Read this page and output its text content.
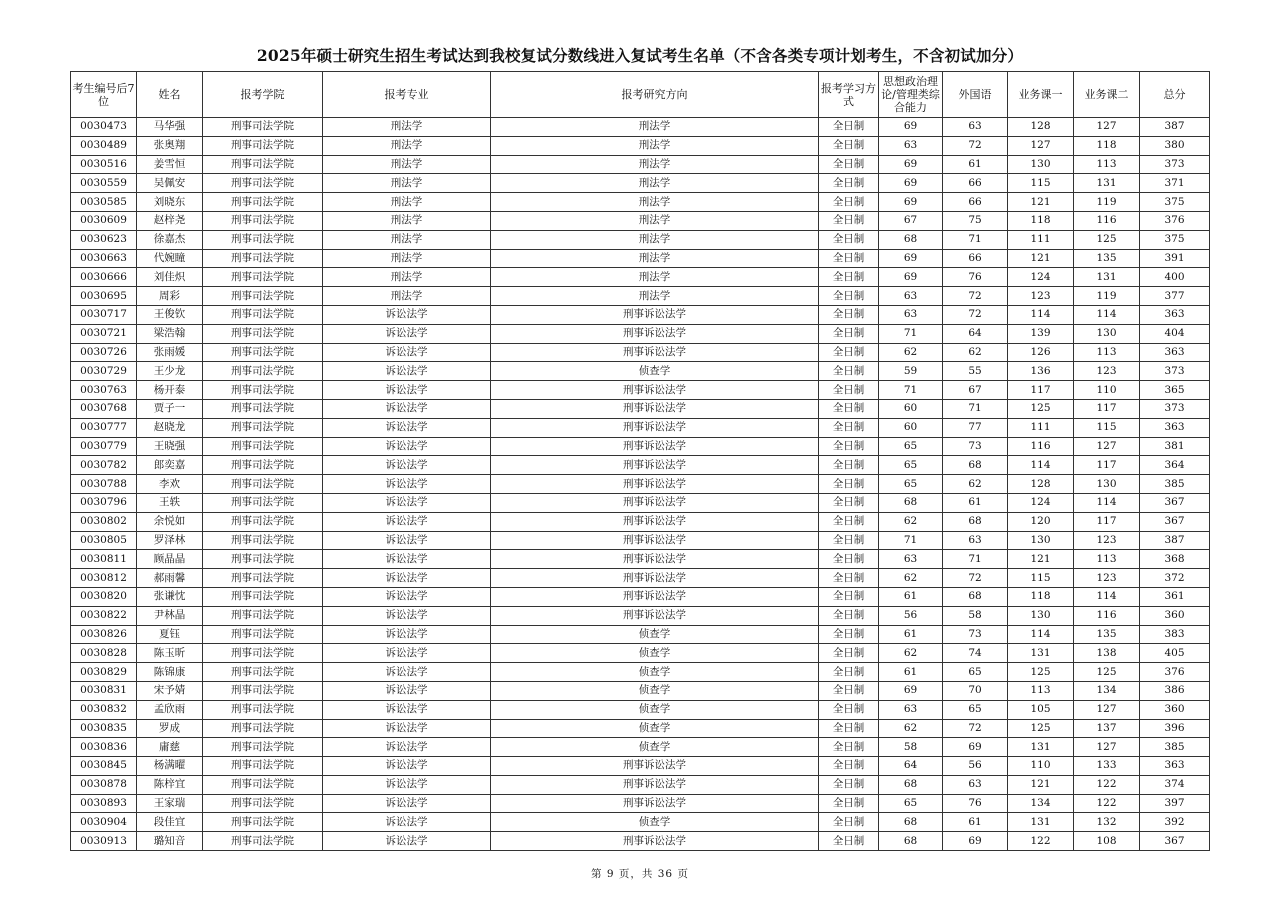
2025年硕士研究生招生考试达到我校复试分数线进入复试考生名单（不含各类专项计划考生，不含初试加分）
考生编号后7位	姓名	报考学院	报考专业	报考研究方向	报考学习方式	思想政治理论/管理类综合能力	外国语	业务课一	业务课二	总分
0030473	马华强	刑事司法学院	刑法学	刑法学	全日制	69	63	128	127	387
0030489	张奥翔	刑事司法学院	刑法学	刑法学	全日制	63	72	127	118	380
0030516	姜雪恒	刑事司法学院	刑法学	刑法学	全日制	69	61	130	113	373
0030559	吴佩安	刑事司法学院	刑法学	刑法学	全日制	69	66	115	131	371
0030585	刘晓东	刑事司法学院	刑法学	刑法学	全日制	69	66	121	119	375
0030609	赵梓尧	刑事司法学院	刑法学	刑法学	全日制	67	75	118	116	376
0030623	徐嘉杰	刑事司法学院	刑法学	刑法学	全日制	68	71	111	125	375
0030663	代婉瞳	刑事司法学院	刑法学	刑法学	全日制	69	66	121	135	391
0030666	刘佳炽	刑事司法学院	刑法学	刑法学	全日制	69	76	124	131	400
0030695	周彩	刑事司法学院	刑法学	刑法学	全日制	63	72	123	119	377
0030717	王俊钦	刑事司法学院	诉讼法学	刑事诉讼法学	全日制	63	72	114	114	363
0030721	梁浩翰	刑事司法学院	诉讼法学	刑事诉讼法学	全日制	71	64	139	130	404
0030726	张雨媛	刑事司法学院	诉讼法学	刑事诉讼法学	全日制	62	62	126	113	363
0030729	王少龙	刑事司法学院	诉讼法学	侦查学	全日制	59	55	136	123	373
0030763	杨开泰	刑事司法学院	诉讼法学	刑事诉讼法学	全日制	71	67	117	110	365
0030768	贾子一	刑事司法学院	诉讼法学	刑事诉讼法学	全日制	60	71	125	117	373
0030777	赵晓龙	刑事司法学院	诉讼法学	刑事诉讼法学	全日制	60	77	111	115	363
0030779	王晓强	刑事司法学院	诉讼法学	刑事诉讼法学	全日制	65	73	116	127	381
0030782	郎奕嘉	刑事司法学院	诉讼法学	刑事诉讼法学	全日制	65	68	114	117	364
0030788	李欢	刑事司法学院	诉讼法学	刑事诉讼法学	全日制	65	62	128	130	385
0030796	王轶	刑事司法学院	诉讼法学	刑事诉讼法学	全日制	68	61	124	114	367
0030802	余悦如	刑事司法学院	诉讼法学	刑事诉讼法学	全日制	62	68	120	117	367
0030805	罗泽林	刑事司法学院	诉讼法学	刑事诉讼法学	全日制	71	63	130	123	387
0030811	顾晶晶	刑事司法学院	诉讼法学	刑事诉讼法学	全日制	63	71	121	113	368
0030812	郝雨馨	刑事司法学院	诉讼法学	刑事诉讼法学	全日制	62	72	115	123	372
0030820	张谦忱	刑事司法学院	诉讼法学	刑事诉讼法学	全日制	61	68	118	114	361
0030822	尹林晶	刑事司法学院	诉讼法学	刑事诉讼法学	全日制	56	58	130	116	360
0030826	夏钰	刑事司法学院	诉讼法学	侦查学	全日制	61	73	114	135	383
0030828	陈玉昕	刑事司法学院	诉讼法学	侦查学	全日制	62	74	131	138	405
0030829	陈锦康	刑事司法学院	诉讼法学	侦查学	全日制	61	65	125	125	376
0030831	宋予婧	刑事司法学院	诉讼法学	侦查学	全日制	69	70	113	134	386
0030832	孟欣雨	刑事司法学院	诉讼法学	侦查学	全日制	63	65	105	127	360
0030835	罗成	刑事司法学院	诉讼法学	侦查学	全日制	62	72	125	137	396
0030836	庸慈	刑事司法学院	诉讼法学	侦查学	全日制	58	69	131	127	385
0030845	杨满曜	刑事司法学院	诉讼法学	刑事诉讼法学	全日制	64	56	110	133	363
0030878	陈梓宜	刑事司法学院	诉讼法学	刑事诉讼法学	全日制	68	63	121	122	374
0030893	王家瑞	刑事司法学院	诉讼法学	刑事诉讼法学	全日制	65	76	134	122	397
0030904	段佳宜	刑事司法学院	诉讼法学	侦查学	全日制	68	61	131	132	392
0030913	璐知音	刑事司法学院	诉讼法学	刑事诉讼法学	全日制	68	69	122	108	367
第 9 页，共 36 页
